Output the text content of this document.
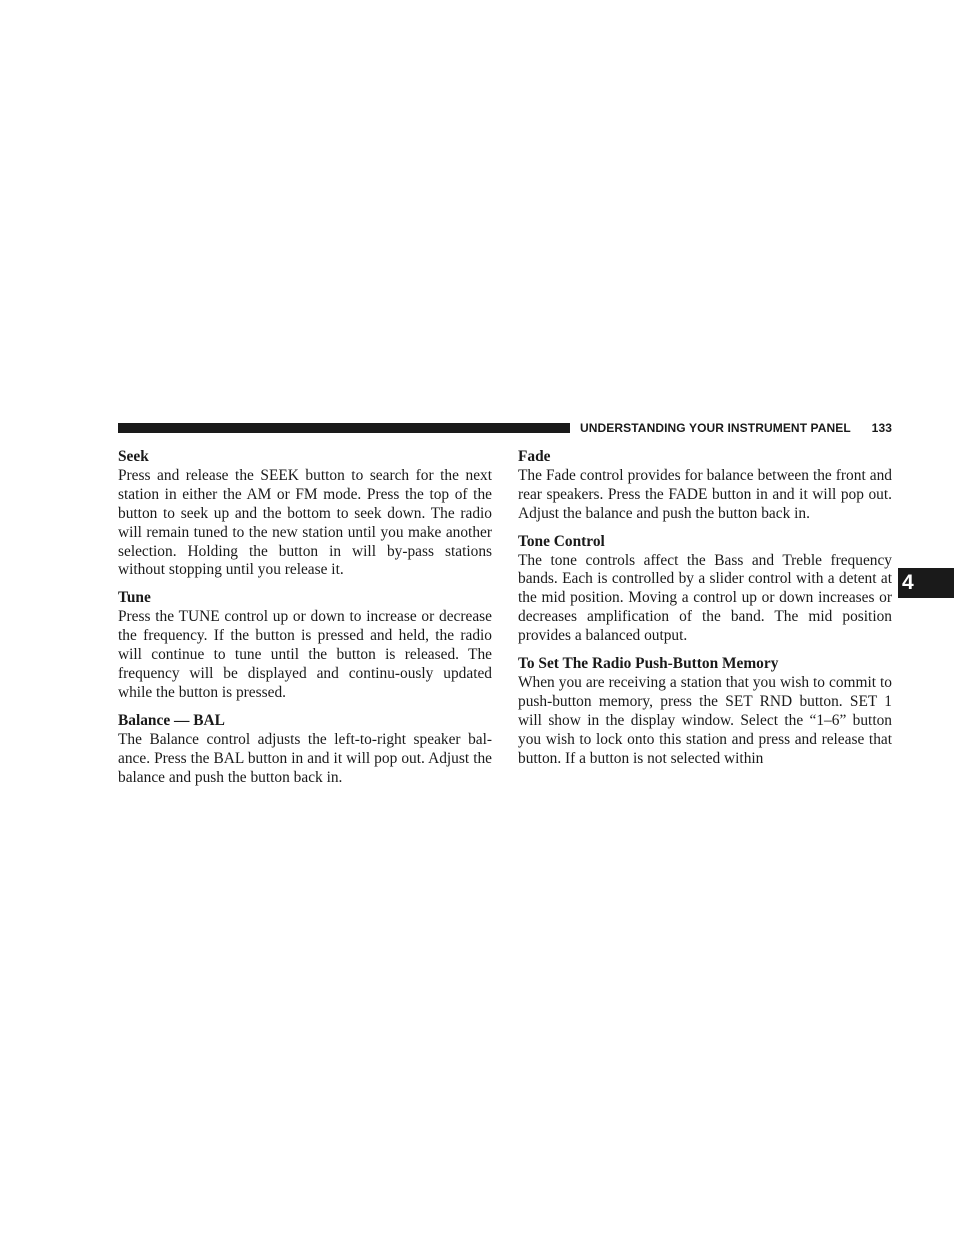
UNDERSTANDING YOUR INSTRUMENT PANEL 133
Seek

Press and release the SEEK button to search for the next station in either the AM or FM mode. Press the top of the button to seek up and the bottom to seek down. The radio will remain tuned to the new station until you make another selection. Holding the button in will by-pass stations without stopping until you release it.

Tune

Press the TUNE control up or down to increase or decrease the frequency. If the button is pressed and held, the radio will continue to tune until the button is released. The frequency will be displayed and continu-ously updated while the button is pressed.

Balance — BAL

The Balance control adjusts the left-to-right speaker bal-ance. Press the BAL button in and it will pop out. Adjust the balance and push the button back in.

Fade

The Fade control provides for balance between the front and rear speakers. Press the FADE button in and it will pop out. Adjust the balance and push the button back in.

Tone Control

The tone controls affect the Bass and Treble frequency bands. Each is controlled by a slider control with a detent at the mid position. Moving a control up or down increases or decreases amplification of the band. The mid position provides a balanced output.

To Set The Radio Push-Button Memory

When you are receiving a station that you wish to commit to push-button memory, press the SET RND button. SET 1 will show in the display window. Select the “1–6” button you wish to lock onto this station and press and release that button. If a button is not selected within

4
